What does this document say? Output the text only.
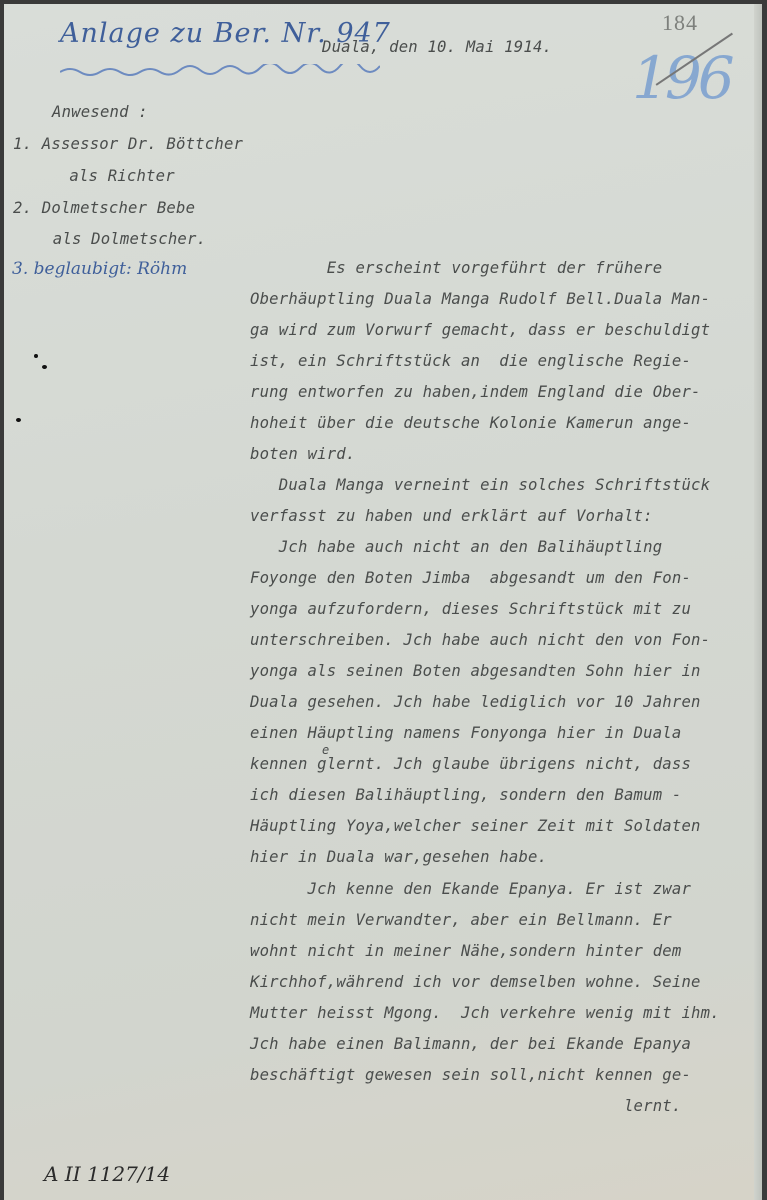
Anlage zu Ber. Nr. 947	184
196
Duala, den 10. Mai 1914.
Anwesend :
1. Assessor Dr. Böttcher
als Richter
2. Dolmetscher Bebe
als Dolmetscher.
3. beglaubigt: Röhm	Es erscheint vorgeführt der frühere
Oberhäuptling Duala Manga Rudolf Bell.Duala Man-
ga wird zum Vorwurf gemacht, dass er beschuldigt
ist, ein Schriftstück an  die englische Regie-
rung entworfen zu haben,indem England die Ober-
hoheit über die deutsche Kolonie Kamerun ange-
boten wird.
Duala Manga verneint ein solches Schriftstück
verfasst zu haben und erklärt auf Vorhalt:
Jch habe auch nicht an den Balihäuptling
Foyonge den Boten Jimba  abgesandt um den Fon-
yonga aufzufordern, dieses Schriftstück mit zu
unterschreiben. Jch habe auch nicht den von Fon-
yonga als seinen Boten abgesandten Sohn hier in
Duala gesehen. Jch habe lediglich vor 10 Jahren
einen Häuptling namens Fonyonga hier in Duala
e
kennen glernt. Jch glaube übrigens nicht, dass
ich diesen Balihäuptling, sondern den Bamum -
Häuptling Yoya,welcher seiner Zeit mit Soldaten
hier in Duala war,gesehen habe.
Jch kenne den Ekande Epanya. Er ist zwar
nicht mein Verwandter, aber ein Bellmann. Er
wohnt nicht in meiner Nähe,sondern hinter dem
Kirchhof,während ich vor demselben wohne. Seine
Mutter heisst Mgong.  Jch verkehre wenig mit ihm.
Jch habe einen Balimann, der bei Ekande Epanya
beschäftigt gewesen sein soll,nicht kennen ge-
lernt.
A II 1127/14
